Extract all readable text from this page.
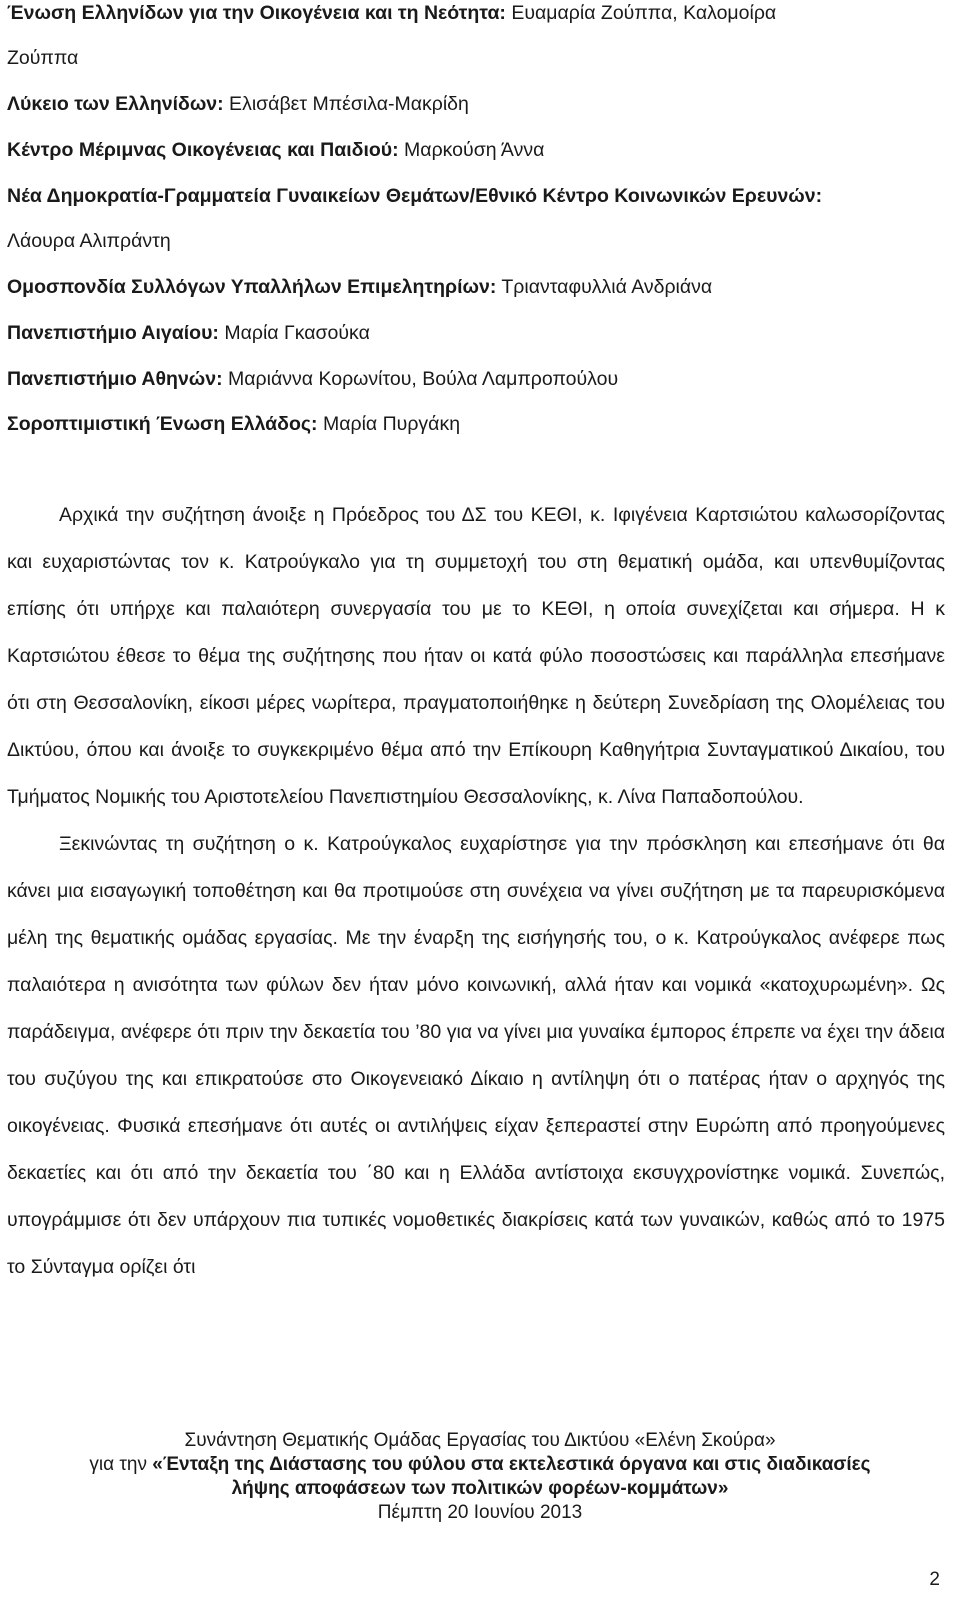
Ένωση Ελληνίδων για την Οικογένεια και τη Νεότητα: Ευαμαρία Ζούππα, Καλομοίρα
Ζούππα
Λύκειο των Ελληνίδων: Ελισάβετ Μπέσιλα-Μακρίδη
Κέντρο Μέριμνας Οικογένειας και Παιδιού: Μαρκούση Άννα
Νέα Δημοκρατία-Γραμματεία Γυναικείων Θεμάτων/Εθνικό Κέντρο Κοινωνικών Ερευνών:
Λάουρα Αλιπράντη
Ομοσπονδία Συλλόγων Υπαλλήλων Επιμελητηρίων: Τριανταφυλλιά Ανδριάνα
Πανεπιστήμιο Αιγαίου: Μαρία Γκασούκα
Πανεπιστήμιο Αθηνών: Μαριάννα Κορωνίτου, Βούλα Λαμπροπούλου
Σοροπτιμιστική Ένωση Ελλάδος: Μαρία Πυργάκη

Αρχικά την συζήτηση άνοιξε η Πρόεδρος του ΔΣ του ΚΕΘΙ, κ. Ιφιγένεια Καρτσιώτου καλωσορίζοντας και ευχαριστώντας τον κ. Κατρούγκαλο για τη συμμετοχή του στη θεματική ομάδα, και υπενθυμίζοντας επίσης ότι υπήρχε και παλαιότερη συνεργασία του με το ΚΕΘΙ, η οποία συνεχίζεται και σήμερα. Η κ Καρτσιώτου έθεσε το θέμα της συζήτησης που ήταν οι κατά φύλο ποσοστώσεις και παράλληλα επεσήμανε ότι στη Θεσσαλονίκη, είκοσι μέρες νωρίτερα, πραγματοποιήθηκε η δεύτερη Συνεδρίαση της Ολομέλειας του Δικτύου, όπου και άνοιξε το συγκεκριμένο θέμα από την Επίκουρη Καθηγήτρια Συνταγματικού Δικαίου, του Τμήματος Νομικής του Αριστοτελείου Πανεπιστημίου Θεσσαλονίκης, κ. Λίνα Παπαδοπούλου.

Ξεκινώντας τη συζήτηση ο κ. Κατρούγκαλος ευχαρίστησε για την πρόσκληση και επεσήμανε ότι θα κάνει μια εισαγωγική τοποθέτηση και θα προτιμούσε στη συνέχεια να γίνει συζήτηση με τα παρευρισκόμενα μέλη της θεματικής ομάδας εργασίας. Με την έναρξη της εισήγησής του, ο κ. Κατρούγκαλος ανέφερε πως παλαιότερα η ανισότητα των φύλων δεν ήταν μόνο κοινωνική, αλλά ήταν και νομικά «κατοχυρωμένη». Ως παράδειγμα, ανέφερε ότι πριν την δεκαετία του ’80 για να γίνει μια γυναίκα έμπορος έπρεπε να έχει την άδεια του συζύγου της και επικρατούσε στο Οικογενειακό Δίκαιο η αντίληψη ότι ο πατέρας ήταν ο αρχηγός της οικογένειας. Φυσικά επεσήμανε ότι αυτές οι αντιλήψεις είχαν ξεπεραστεί στην Ευρώπη από προηγούμενες δεκαετίες και ότι από την δεκαετία του ΄80 και η Ελλάδα αντίστοιχα εκσυγχρονίστηκε νομικά. Συνεπώς, υπογράμμισε ότι δεν υπάρχουν πια τυπικές νομοθετικές διακρίσεις κατά των γυναικών, καθώς από το 1975 το Σύνταγμα ορίζει ότι

Συνάντηση Θεματικής Ομάδας Εργασίας του Δικτύου «Ελένη Σκούρα»
για την «Ένταξη της Διάστασης του φύλου στα εκτελεστικά όργανα και στις διαδικασίες
λήψης αποφάσεων των πολιτικών φορέων-κομμάτων»
Πέμπτη 20 Ιουνίου 2013
2
